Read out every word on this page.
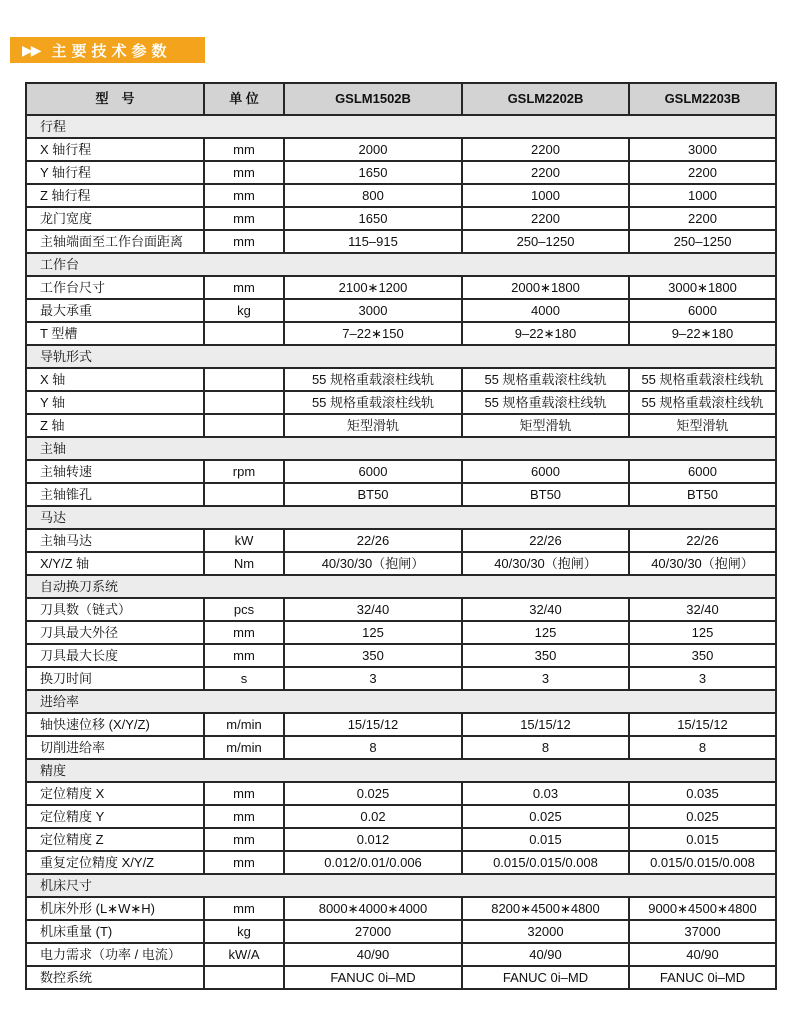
▶▶ 主要技术参数
型　号	单 位	GSLM1502B	GSLM2202B	GSLM2203B
行程				
X 轴行程	mm	2000	2200	3000
Y 轴行程	mm	1650	2200	2200
Z 轴行程	mm	800	1000	1000
龙门宽度	mm	1650	2200	2200
主轴端面至工作台面距离	mm	115–915	250–1250	250–1250
工作台				
工作台尺寸	mm	2100∗1200	2000∗1800	3000∗1800
最大承重	kg	3000	4000	6000
T 型槽		7–22∗150	9–22∗180	9–22∗180
导轨形式				
X 轴		55 规格重载滚柱线轨	55 规格重载滚柱线轨	55 规格重载滚柱线轨
Y 轴		55 规格重载滚柱线轨	55 规格重载滚柱线轨	55 规格重载滚柱线轨
Z 轴		矩型滑轨	矩型滑轨	矩型滑轨
主轴				
主轴转速	rpm	6000	6000	6000
主轴锥孔		BT50	BT50	BT50
马达				
主轴马达	kW	22/26	22/26	22/26
X/Y/Z 轴	Nm	40/30/30（抱闸）	40/30/30（抱闸）	40/30/30（抱闸）
自动换刀系统				
刀具数（链式）	pcs	32/40	32/40	32/40
刀具最大外径	mm	125	125	125
刀具最大长度	mm	350	350	350
换刀时间	s	3	3	3
进给率				
轴快速位移 (X/Y/Z)	m/min	15/15/12	15/15/12	15/15/12
切削进给率	m/min	8	8	8
精度				
定位精度 X	mm	0.025	0.03	0.035
定位精度 Y	mm	0.02	0.025	0.025
定位精度 Z	mm	0.012	0.015	0.015
重复定位精度 X/Y/Z	mm	0.012/0.01/0.006	0.015/0.015/0.008	0.015/0.015/0.008
机床尺寸				
机床外形 (L∗W∗H)	mm	8000∗4000∗4000	8200∗4500∗4800	9000∗4500∗4800
机床重量 (T)	kg	27000	32000	37000
电力需求（功率 / 电流）	kW/A	40/90	40/90	40/90
数控系统		FANUC 0i–MD	FANUC 0i–MD	FANUC 0i–MD
